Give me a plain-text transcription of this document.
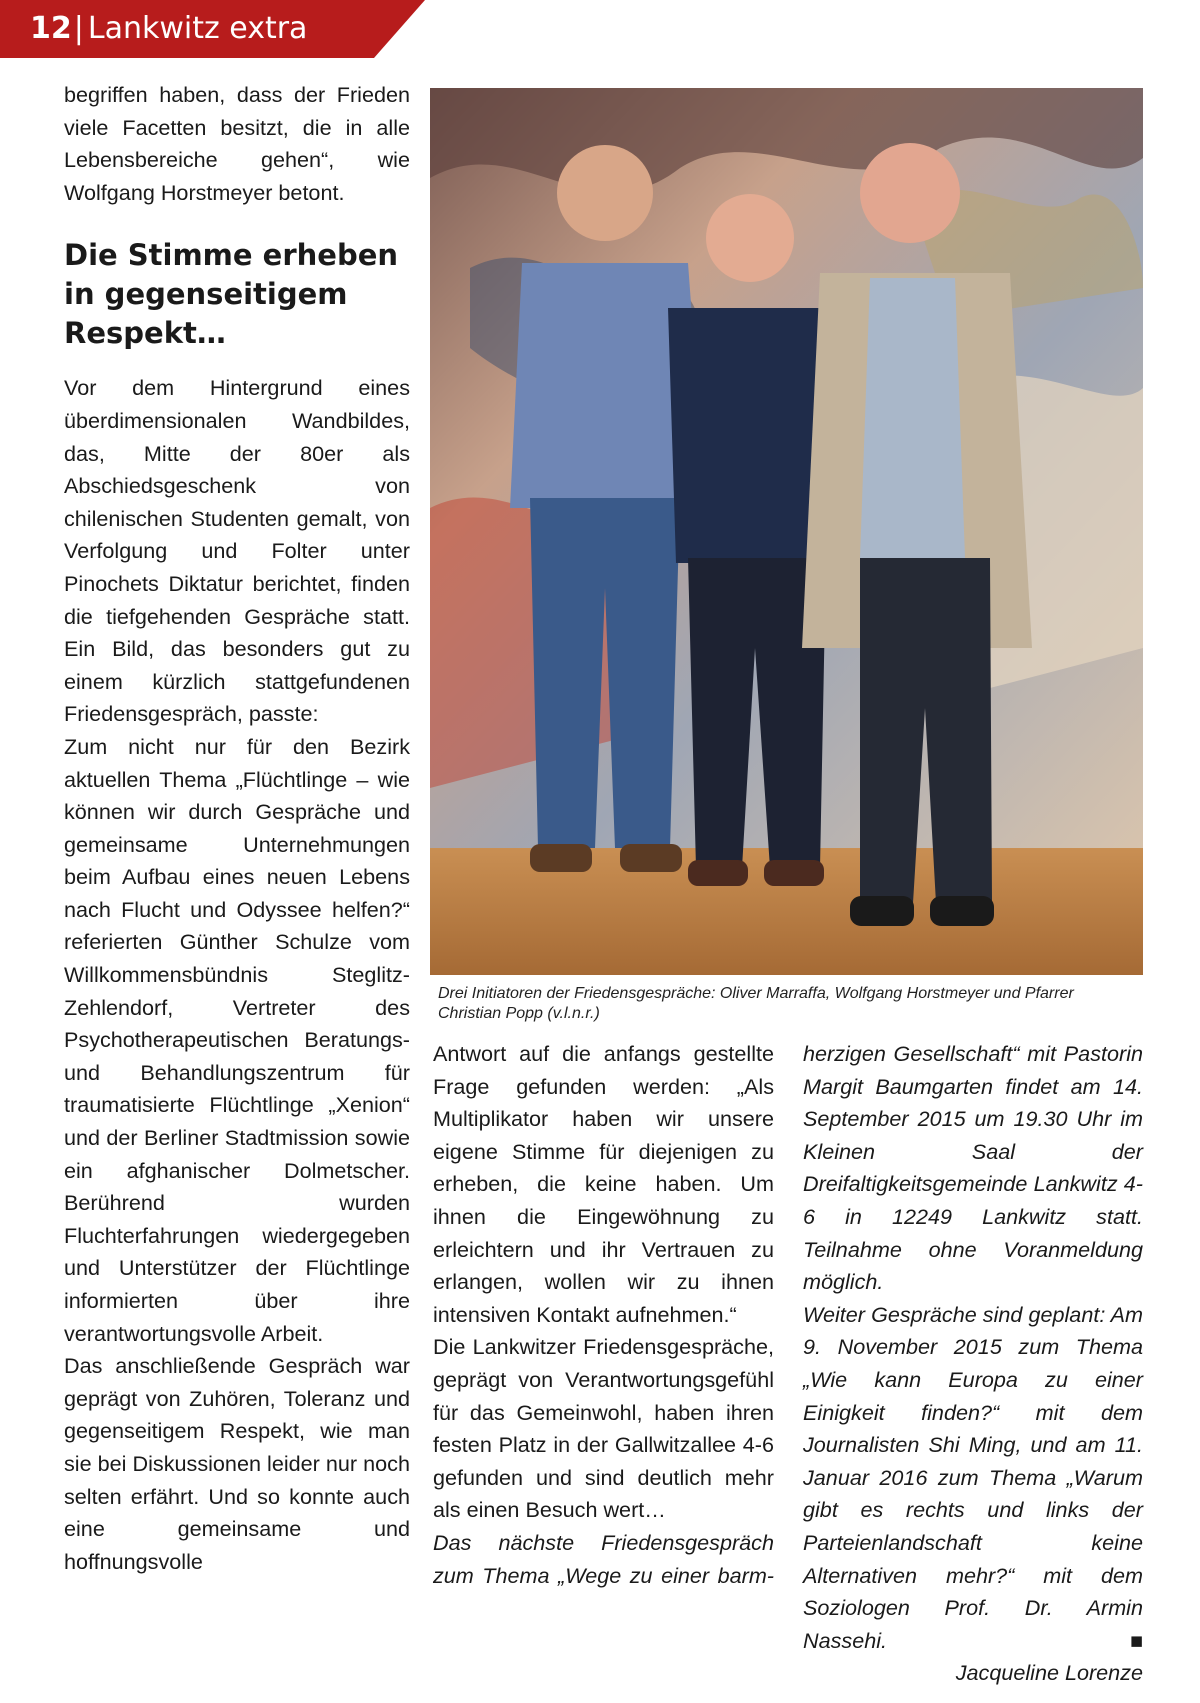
12| Lankwitz extra

begriffen haben, dass der Frieden viele Facetten besitzt, die in alle Lebensbereiche gehen“, wie Wolfgang Horstmeyer betont.

Die Stimme erheben in gegenseitigem Respekt…

Vor dem Hintergrund eines überdimensionalen Wandbildes, das, Mitte der 80er als Abschiedsgeschenk von chilenischen Studenten gemalt, von Verfolgung und Folter unter Pinochets Diktatur berichtet, finden die tiefgehenden Gespräche statt. Ein Bild, das besonders gut zu einem kürzlich stattgefundenen Friedensgespräch, passte:

Zum nicht nur für den Bezirk aktuellen Thema „Flüchtlinge – wie können wir durch Gespräche und gemeinsame Unternehmungen beim Aufbau eines neuen Lebens nach Flucht und Odyssee helfen?“ referierten Günther Schulze vom Willkommensbündnis Steglitz-Zehlendorf, Vertreter des Psychotherapeutischen Beratungs- und Behandlungszentrum für traumatisierte Flüchtlinge „Xenion“ und der Berliner Stadtmission sowie ein afghanischer Dolmetscher. Berührend wurden Fluchterfahrungen wiedergegeben und Unterstützer der Flüchtlinge informierten über ihre verantwortungsvolle Arbeit.

Das anschließende Gespräch war geprägt von Zuhören, Toleranz und gegenseitigem Respekt, wie man sie bei Diskussionen leider nur noch selten erfährt. Und so konnte auch eine gemeinsame und hoffnungsvolle

Drei Initiatoren der Friedensgespräche: Oliver Marraffa, Wolfgang Horstmeyer und Pfarrer Christian Popp (v.l.n.r.)

Antwort auf die anfangs gestellte Frage gefunden werden: „Als Multiplikator haben wir unsere eigene Stimme für diejenigen zu erheben, die keine haben. Um ihnen die Eingewöhnung zu erleichtern und ihr Vertrauen zu erlangen, wollen wir zu ihnen intensiven Kontakt aufnehmen.“

Die Lankwitzer Friedensgespräche, geprägt von Verantwortungsgefühl für das Gemeinwohl, haben ihren festen Platz in der Gallwitzallee 4-6 gefunden und sind deutlich mehr als einen Besuch wert…

Das nächste Friedensgespräch zum Thema „Wege zu einer barm-

herzigen Gesellschaft“ mit Pastorin Margit Baumgarten findet am 14. September 2015 um 19.30 Uhr im Kleinen Saal der Dreifaltigkeitsgemeinde Lankwitz 4-6 in 12249 Lankwitz statt. Teilnahme ohne Voranmeldung möglich.

Weiter Gespräche sind geplant: Am 9. November 2015 zum Thema „Wie kann Europa zu einer Einigkeit finden?“ mit dem Journalisten Shi Ming, und am 11. Januar 2016 zum Thema „Warum gibt es rechts und links der Parteienlandschaft keine Alternativen mehr?“ mit dem Soziologen Prof. Dr. Armin Nassehi.	■

Jacqueline Lorenze
